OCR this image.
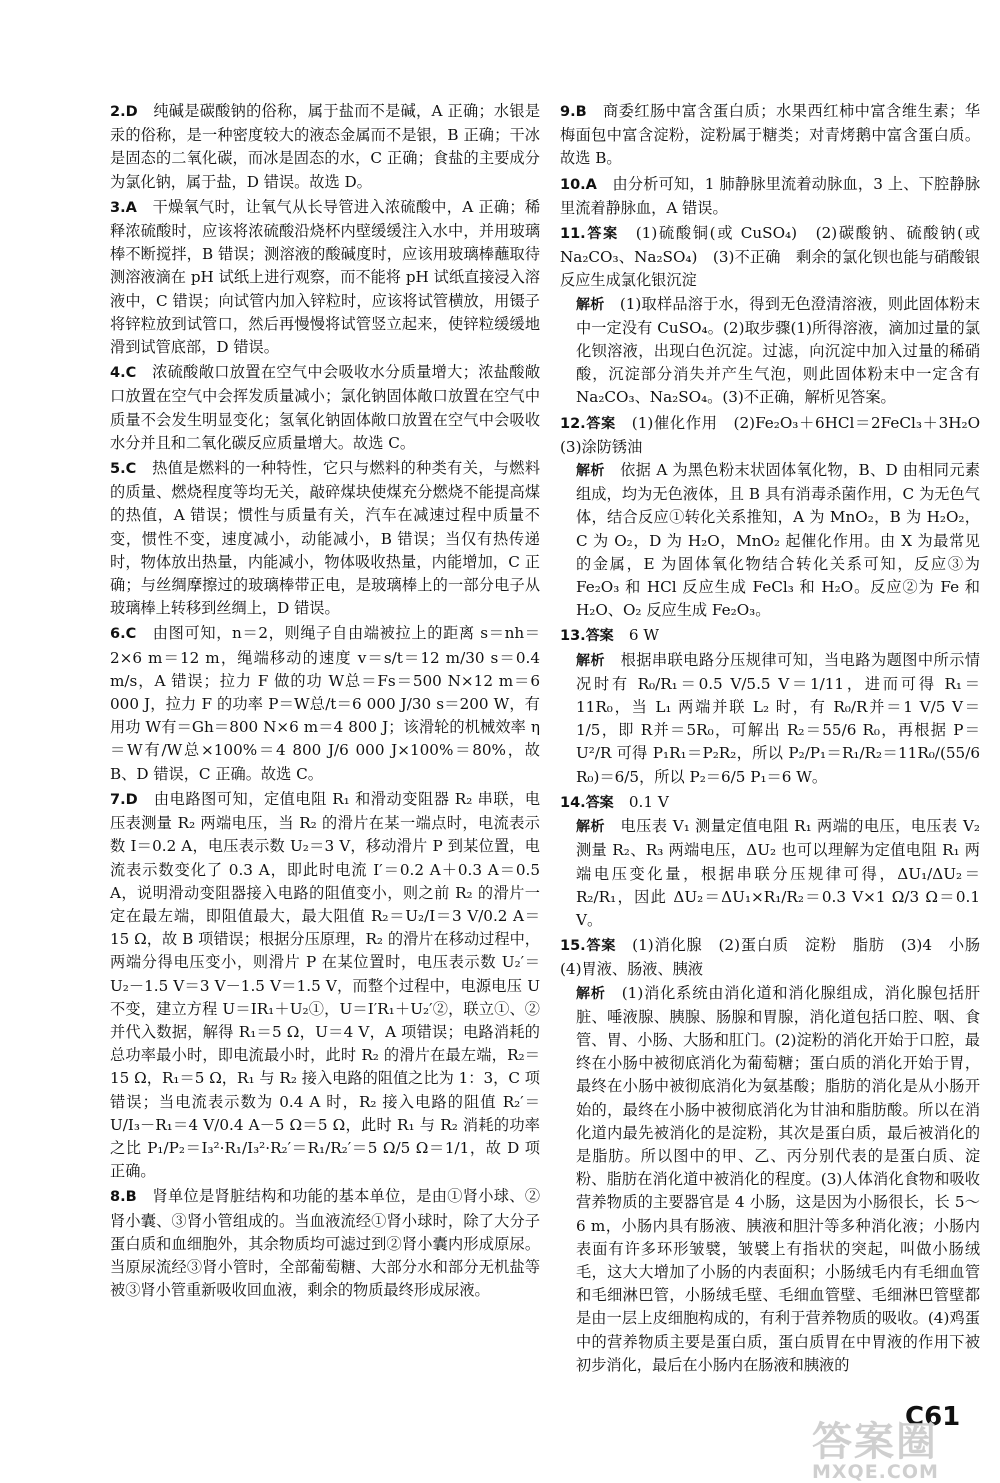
2.D　 纯碱是碳酸钠的俗称，属于盐而不是碱，A 正确；水银是汞的俗称，是一种密度较大的液态金属而不是银，B 正确；干冰是固态的二氧化碳，而冰是固态的水，C 正确；食盐的主要成分为氯化钠，属于盐，D 错误。故选 D。
3.A　 干燥氧气时，让氧气从长导管进入浓硫酸中，A 正确；稀释浓硫酸时，应该将浓硫酸沿烧杯内壁缓缓注入水中，并用玻璃棒不断搅拌，B 错误；测溶液的酸碱度时，应该用玻璃棒蘸取待测溶液滴在 pH 试纸上进行观察，而不能将 pH 试纸直接浸入溶液中，C 错误；向试管内加入锌粒时，应该将试管横放，用镊子将锌粒放到试管口，然后再慢慢将试管竖立起来，使锌粒缓缓地滑到试管底部，D 错误。
4.C　 浓硫酸敞口放置在空气中会吸收水分质量增大；浓盐酸敞口放置在空气中会挥发质量减小；氯化钠固体敞口放置在空气中质量不会发生明显变化；氢氧化钠固体敞口放置在空气中会吸收水分并且和二氧化碳反应质量增大。故选 C。
5.C　 热值是燃料的一种特性，它只与燃料的种类有关，与燃料的质量、燃烧程度等均无关，敲碎煤块使煤充分燃烧不能提高煤的热值，A 错误；惯性与质量有关，汽车在减速过程中质量不变，惯性不变，速度减小，动能减小，B 错误；当仅有热传递时，物体放出热量，内能减小，物体吸收热量，内能增加，C 正确；与丝绸摩擦过的玻璃棒带正电，是玻璃棒上的一部分电子从玻璃棒上转移到丝绸上，D 错误。
6.C　 由图可知，n＝2，则绳子自由端被拉上的距离 s＝nh＝2×6 m＝12 m，绳端移动的速度 v＝s/t＝12 m/30 s＝0.4 m/s，A 错误；拉力 F 做的功 W总＝Fs＝500 N×12 m＝6 000 J，拉力 F 的功率 P＝W总/t＝6 000 J/30 s＝200 W，有用功 W有＝Gh＝800 N×6 m＝4 800 J；该滑轮的机械效率 η＝W有/W总×100%＝4 800 J/6 000 J×100%＝80%，故 B、D 错误，C 正确。故选 C。
7.D　 由电路图可知，定值电阻 R₁ 和滑动变阻器 R₂ 串联，电压表测量 R₂ 两端电压，当 R₂ 的滑片在某一端点时，电流表示数 I＝0.2 A，电压表示数 U₂＝3 V，移动滑片 P 到某位置，电流表示数变化了 0.3 A，即此时电流 I′＝0.2 A＋0.3 A＝0.5 A，说明滑动变阻器接入电路的阻值变小，则之前 R₂ 的滑片一定在最左端，即阻值最大，最大阻值 R₂＝U₂/I＝3 V/0.2 A＝15 Ω，故 B 项错误；根据分压原理，R₂ 的滑片在移动过程中，两端分得电压变小，则滑片 P 在某位置时，电压表示数 U₂′＝U₂－1.5 V＝3 V－1.5 V＝1.5 V，而整个过程中，电源电压 U 不变，建立方程 U＝IR₁＋U₂①，U＝I′R₁＋U₂′②，联立①、②并代入数据，解得 R₁＝5 Ω，U＝4 V，A 项错误；电路消耗的总功率最小时，即电流最小时，此时 R₂ 的滑片在最左端，R₂＝15 Ω，R₁＝5 Ω，R₁ 与 R₂ 接入电路的阻值之比为 1：3，C 项错误；当电流表示数为 0.4 A 时，R₂ 接入电路的阻值 R₂′＝U/I₃－R₁＝4 V/0.4 A－5 Ω＝5 Ω，此时 R₁ 与 R₂ 消耗的功率之比 P₁/P₂＝I₃²·R₁/I₃²·R₂′＝R₁/R₂′＝5 Ω/5 Ω＝1/1，故 D 项正确。
8.B　 肾单位是肾脏结构和功能的基本单位，是由①肾小球、②肾小囊、③肾小管组成的。当血液流经①肾小球时，除了大分子蛋白质和血细胞外，其余物质均可滤过到②肾小囊内形成原尿。当原尿流经③肾小管时，全部葡萄糖、大部分水和部分无机盐等被③肾小管重新吸收回血液，剩余的物质最终形成尿液。
9.B　 商委红肠中富含蛋白质；水果西红柿中富含维生素；华梅面包中富含淀粉，淀粉属于糖类；对青烤鹅中富含蛋白质。故选 B。
10.A　 由分析可知，1 肺静脉里流着动脉血，3 上、下腔静脉里流着静脉血，A 错误。
11.答案　 (1)硫酸铜(或 CuSO₄)　(2)碳酸钠、硫酸钠(或 Na₂CO₃、Na₂SO₄)　(3)不正确　剩余的氯化钡也能与硝酸银反应生成氯化银沉淀
解析　 (1)取样品溶于水，得到无色澄清溶液，则此固体粉末中一定没有 CuSO₄。(2)取步骤(1)所得溶液，滴加过量的氯化钡溶液，出现白色沉淀。过滤，向沉淀中加入过量的稀硝酸，沉淀部分消失并产生气泡，则此固体粉末中一定含有 Na₂CO₃、Na₂SO₄。(3)不正确，解析见答案。
12.答案　 (1)催化作用　(2)Fe₂O₃＋6HCl＝2FeCl₃＋3H₂O　(3)涂防锈油
解析　 依据 A 为黑色粉末状固体氧化物，B、D 由相同元素组成，均为无色液体，且 B 具有消毒杀菌作用，C 为无色气体，结合反应①转化关系推知，A 为 MnO₂，B 为 H₂O₂，C 为 O₂，D 为 H₂O，MnO₂ 起催化作用。由 X 为最常见的金属，E 为固体氧化物结合转化关系可知，反应③为 Fe₂O₃ 和 HCl 反应生成 FeCl₃ 和 H₂O。反应②为 Fe 和 H₂O、O₂ 反应生成 Fe₂O₃。
13.答案　 6 W
解析　 根据串联电路分压规律可知，当电路为题图中所示情况时有 R₀/R₁＝0.5 V/5.5 V＝1/11，进而可得 R₁＝11R₀，当 L₁ 两端并联 L₂ 时，有 R₀/R并＝1 V/5 V＝1/5，即 R并＝5R₀，可解出 R₂＝55/6 R₀，再根据 P＝U²/R 可得 P₁R₁＝P₂R₂，所以 P₂/P₁＝R₁/R₂＝11R₀/(55/6 R₀)＝6/5，所以 P₂＝6/5 P₁＝6 W。
14.答案　 0.1 V
解析　 电压表 V₁ 测量定值电阻 R₁ 两端的电压，电压表 V₂ 测量 R₂、R₃ 两端电压，ΔU₂ 也可以理解为定值电阻 R₁ 两端电压变化量，根据串联分压规律可得，ΔU₁/ΔU₂＝R₂/R₁，因此 ΔU₂＝ΔU₁×R₁/R₂＝0.3 V×1 Ω/3 Ω＝0.1 V。
15.答案　 (1)消化腺　(2)蛋白质　淀粉　脂肪　(3)4　小肠　(4)胃液、肠液、胰液
解析　 (1)消化系统由消化道和消化腺组成，消化腺包括肝脏、唾液腺、胰腺、肠腺和胃腺，消化道包括口腔、咽、食管、胃、小肠、大肠和肛门。(2)淀粉的消化开始于口腔，最终在小肠中被彻底消化为葡萄糖；蛋白质的消化开始于胃，最终在小肠中被彻底消化为氨基酸；脂肪的消化是从小肠开始的，最终在小肠中被彻底消化为甘油和脂肪酸。所以在消化道内最先被消化的是淀粉，其次是蛋白质，最后被消化的是脂肪。所以图中的甲、乙、丙分别代表的是蛋白质、淀粉、脂肪在消化道中被消化的程度。(3)人体消化食物和吸收营养物质的主要器官是 4 小肠，这是因为小肠很长，长 5～6 m，小肠内具有肠液、胰液和胆汁等多种消化液；小肠内表面有许多环形皱襞，皱襞上有指状的突起，叫做小肠绒毛，这大大增加了小肠的内表面积；小肠绒毛内有毛细血管和毛细淋巴管，小肠绒毛壁、毛细血管壁、毛细淋巴管壁都是由一层上皮细胞构成的，有利于营养物质的吸收。(4)鸡蛋中的营养物质主要是蛋白质，蛋白质胃在中胃液的作用下被初步消化，最后在小肠内在肠液和胰液的
C61
答案圈
MXQE.COM
